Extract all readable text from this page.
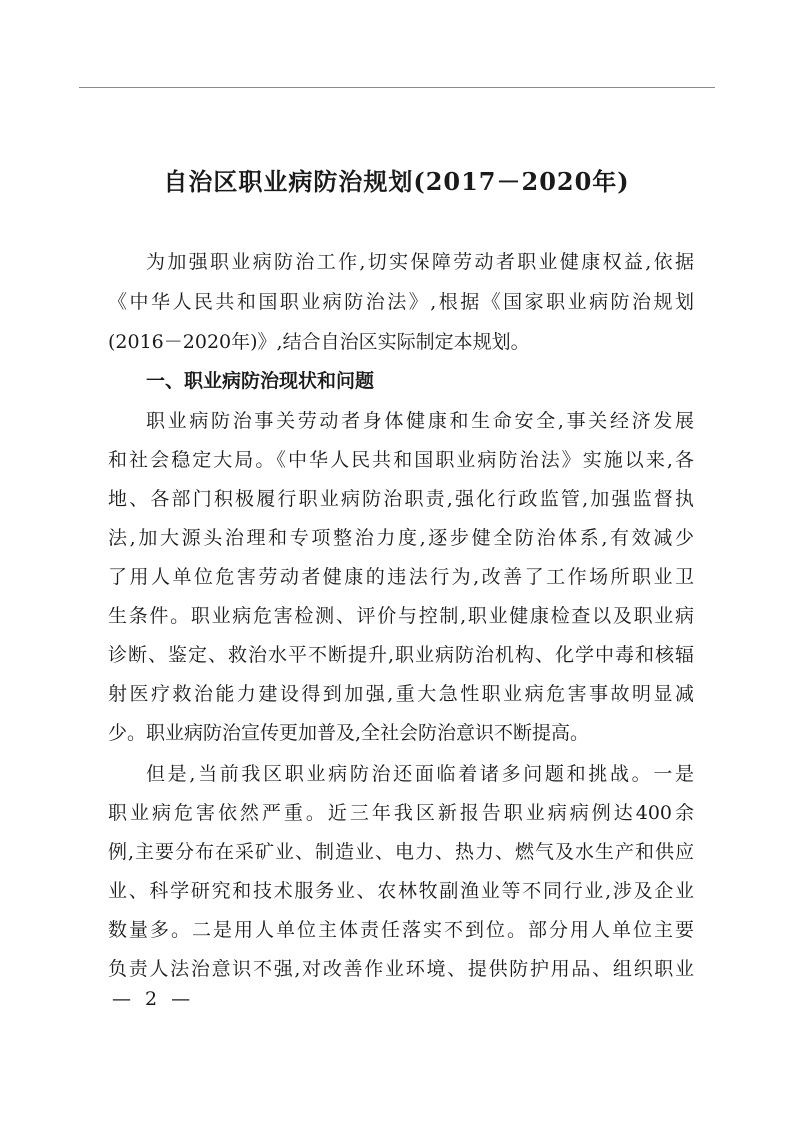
自治区职业病防治规划(2017－2020年)
为加强职业病防治工作,切实保障劳动者职业健康权益,依据
《中华人民共和国职业病防治法》,根据《国家职业病防治规划
(2016－2020年)》,结合自治区实际制定本规划。
一、职业病防治现状和问题
职业病防治事关劳动者身体健康和生命安全,事关经济发展
和社会稳定大局。《中华人民共和国职业病防治法》实施以来,各
地、各部门积极履行职业病防治职责,强化行政监管,加强监督执
法,加大源头治理和专项整治力度,逐步健全防治体系,有效减少
了用人单位危害劳动者健康的违法行为,改善了工作场所职业卫
生条件。职业病危害检测、评价与控制,职业健康检查以及职业病
诊断、鉴定、救治水平不断提升,职业病防治机构、化学中毒和核辐
射医疗救治能力建设得到加强,重大急性职业病危害事故明显减
少。职业病防治宣传更加普及,全社会防治意识不断提高。
但是,当前我区职业病防治还面临着诸多问题和挑战。一是
职业病危害依然严重。近三年我区新报告职业病病例达400余
例,主要分布在采矿业、制造业、电力、热力、燃气及水生产和供应
业、科学研究和技术服务业、农林牧副渔业等不同行业,涉及企业
数量多。二是用人单位主体责任落实不到位。部分用人单位主要
负责人法治意识不强,对改善作业环境、提供防护用品、组织职业
— 2 —
